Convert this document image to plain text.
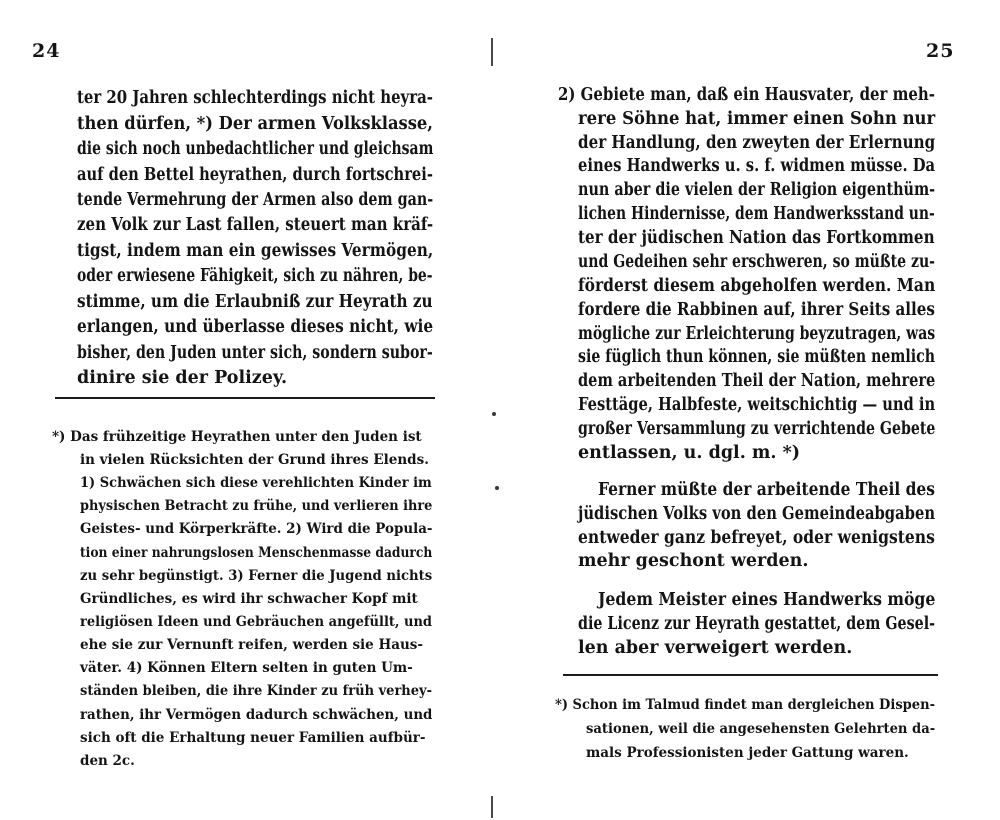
24
ter 20 Jahren schlechterdings nicht heyra-
then dürfen, *) Der armen Volksklasse,
die sich noch unbedachtlicher und gleichsam
auf den Bettel heyrathen, durch fortschrei-
tende Vermehrung der Armen also dem gan-
zen Volk zur Last fallen, steuert man kräf-
tigst, indem man ein gewisses Vermögen,
oder erwiesene Fähigkeit, sich zu nähren, be-
stimme, um die Erlaubniß zur Heyrath zu
erlangen, und überlasse dieses nicht, wie
bisher, den Juden unter sich, sondern subor-
dinire sie der Polizey.
*) Das frühzeitige Heyrathen unter den Juden ist
in vielen Rücksichten der Grund ihres Elends.
1) Schwächen sich diese verehlichten Kinder im
physischen Betracht zu frühe, und verlieren ihre
Geistes- und Körperkräfte. 2) Wird die Popula-
tion einer nahrungslosen Menschenmasse dadurch
zu sehr begünstigt. 3) Ferner die Jugend nichts
Gründliches, es wird ihr schwacher Kopf mit
religiösen Ideen und Gebräuchen angefüllt, und
ehe sie zur Vernunft reifen, werden sie Haus-
väter. 4) Können Eltern selten in guten Um-
ständen bleiben, die ihre Kinder zu früh verhey-
rathen, ihr Vermögen dadurch schwächen, und
sich oft die Erhaltung neuer Familien aufbür-
den 2c.
25
2) Gebiete man, daß ein Hausvater, der meh-
rere Söhne hat, immer einen Sohn nur
der Handlung, den zweyten der Erlernung
eines Handwerks u. s. f. widmen müsse. Da
nun aber die vielen der Religion eigenthüm-
lichen Hindernisse, dem Handwerksstand un-
ter der jüdischen Nation das Fortkommen
und Gedeihen sehr erschweren, so müßte zu-
förderst diesem abgeholfen werden. Man
fordere die Rabbinen auf, ihrer Seits alles
mögliche zur Erleichterung beyzutragen, was
sie füglich thun können, sie müßten nemlich
dem arbeitenden Theil der Nation, mehrere
Festtäge, Halbfeste, weitschichtig — und in
großer Versammlung zu verrichtende Gebete
entlassen, u. dgl. m. *)
Ferner müßte der arbeitende Theil des
jüdischen Volks von den Gemeindeabgaben
entweder ganz befreyet, oder wenigstens
mehr geschont werden.
Jedem Meister eines Handwerks möge
die Licenz zur Heyrath gestattet, dem Gesel-
len aber verweigert werden.
*) Schon im Talmud findet man dergleichen Dispen-
sationen, weil die angesehensten Gelehrten da-
mals Professionisten jeder Gattung waren.
